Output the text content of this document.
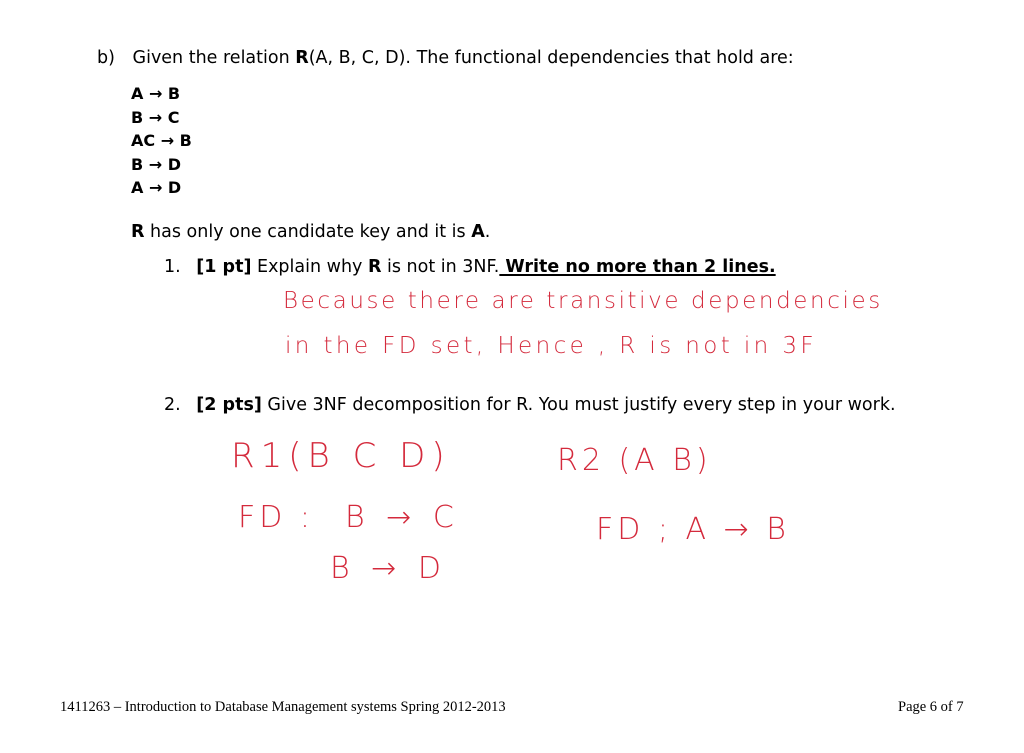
b) Given the relation R(A, B, C, D). The functional dependencies that hold are:
A → B
B → C
AC → B
B → D
A → D
R has only one candidate key and it is A.
1. [1 pt] Explain why R is not in 3NF. Write no more than 2 lines.
Because there are transitive dependencies
in the FD set, Hence , R is not in 3F
2. [2 pts] Give 3NF decomposition for R. You must justify every step in your work.
R1(B C D)	R2 (A B)
FD : B → C
B → D
FD ; A → B
1411263 – Introduction to Database Management systems Spring 2012-2013	Page 6 of 7
